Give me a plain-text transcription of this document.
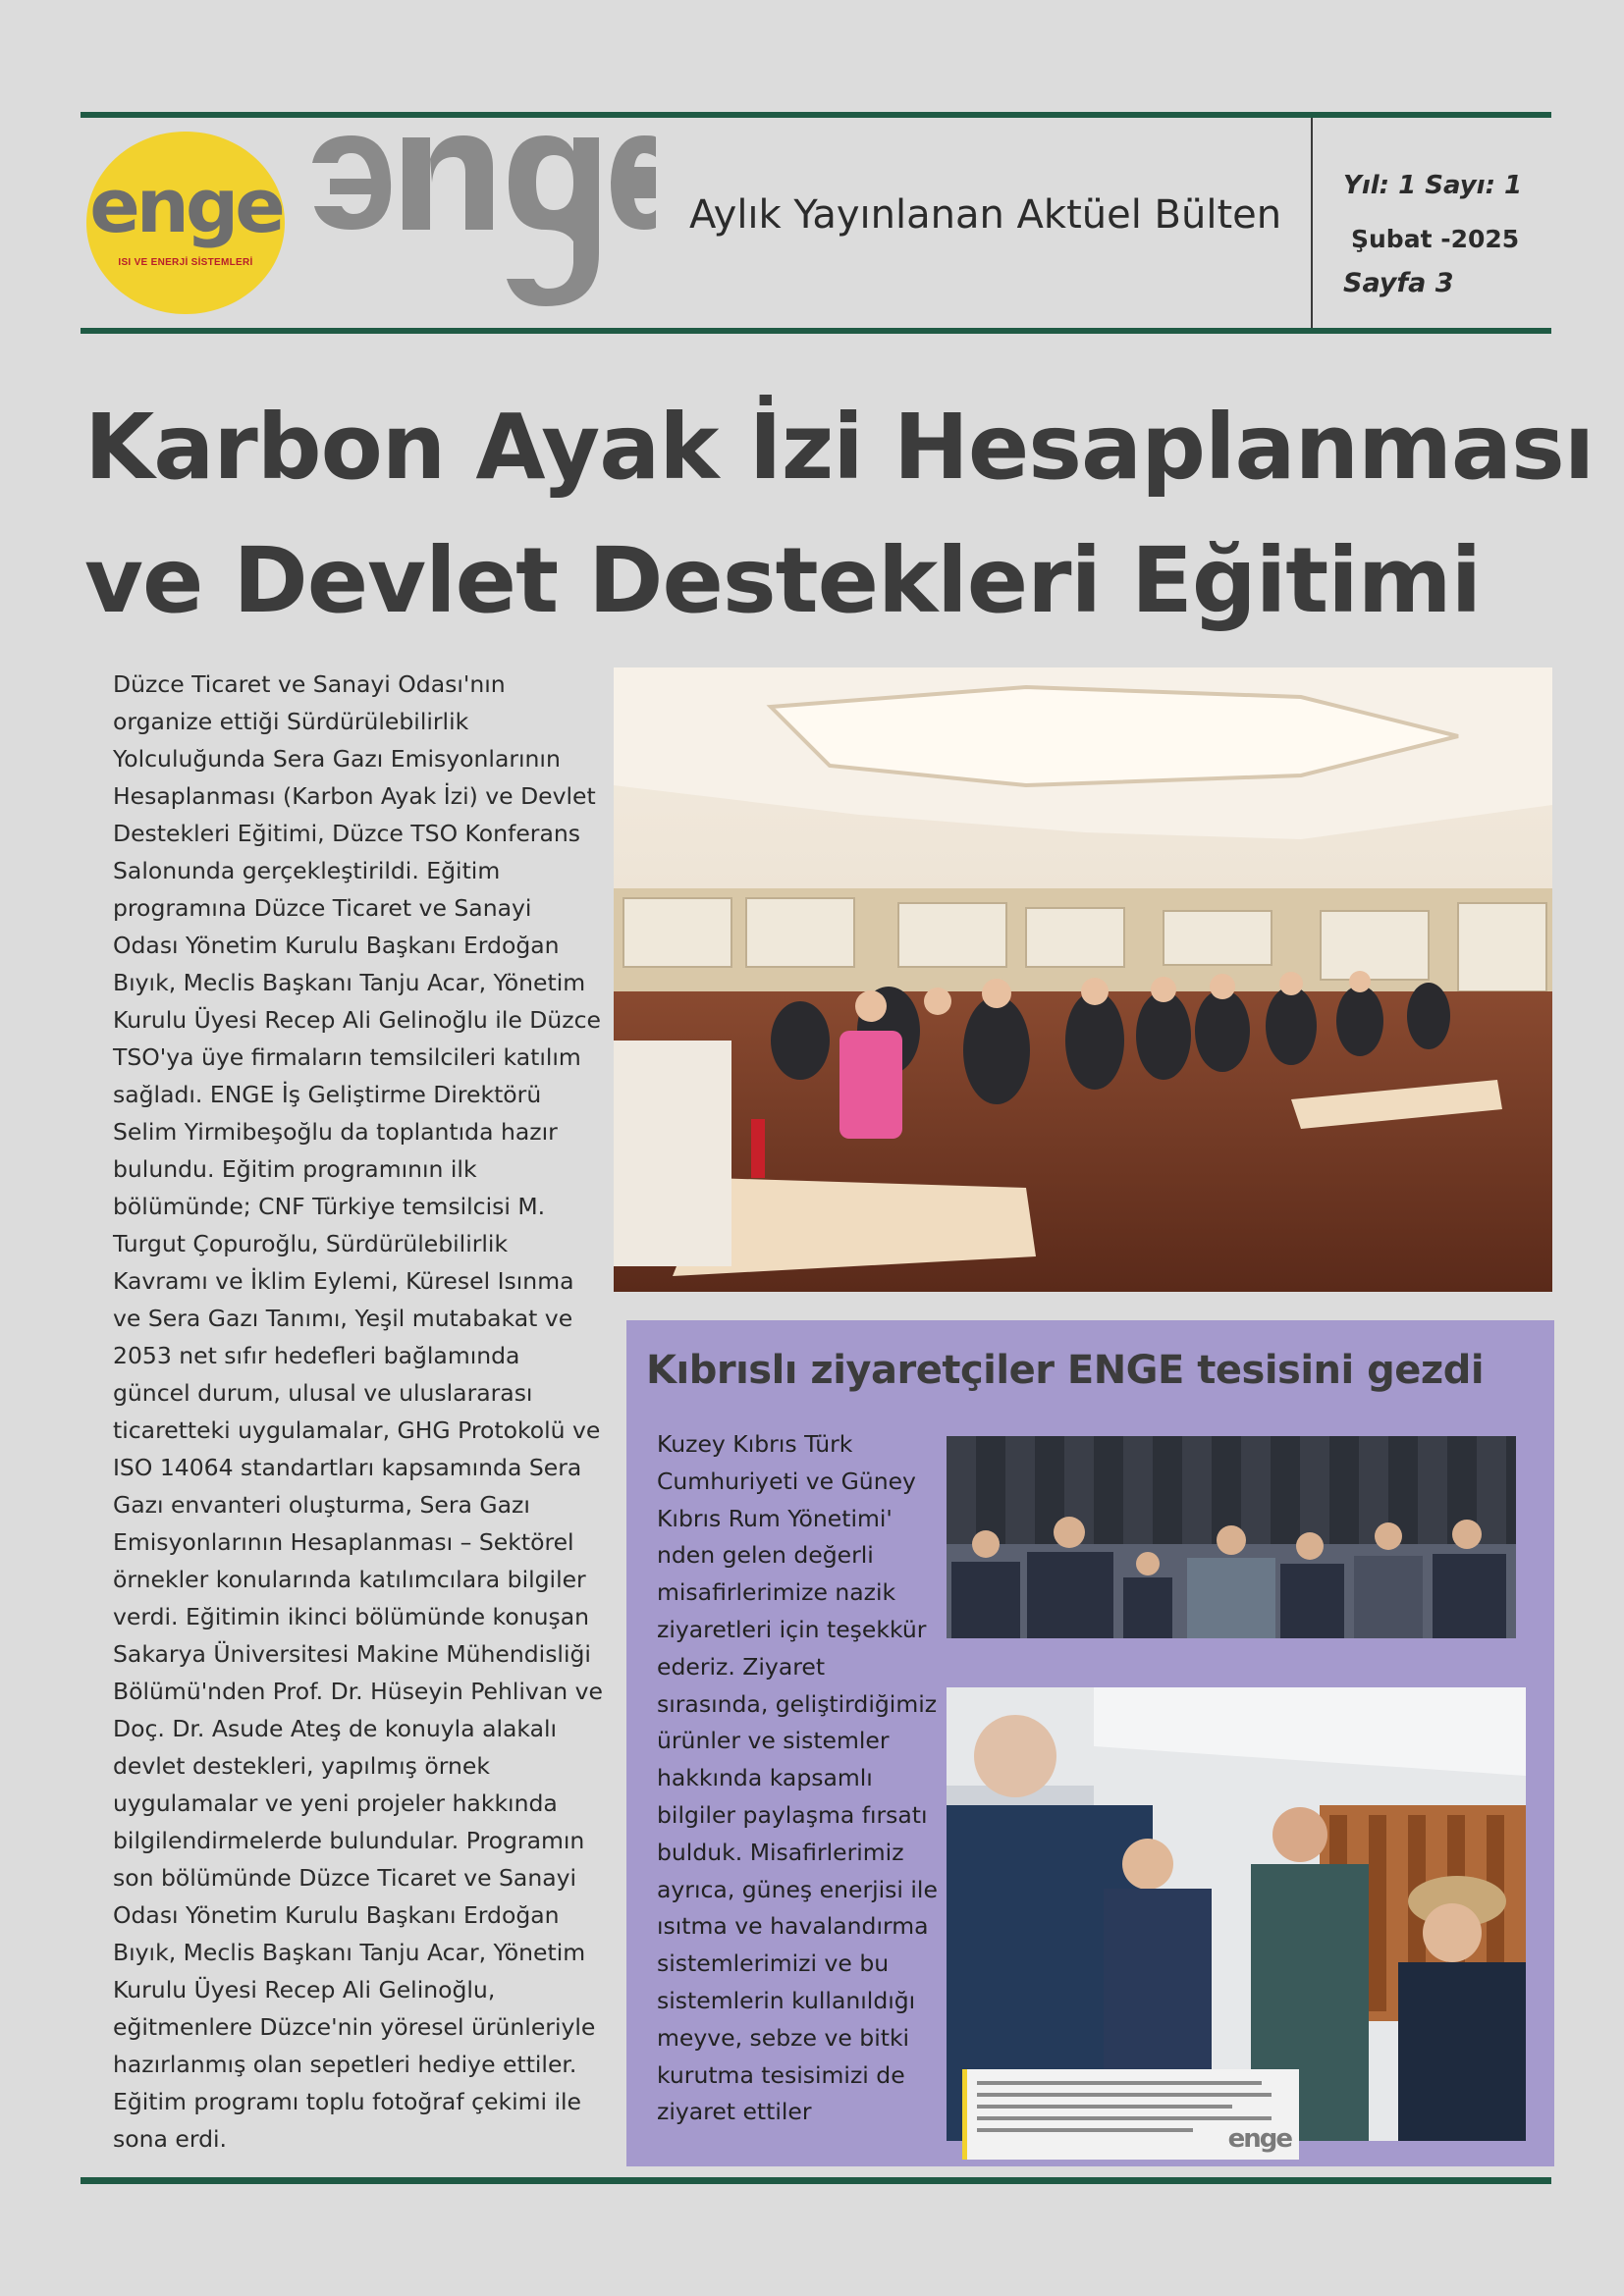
enge
ISI VE ENERJİ SİSTEMLERİ
Aylık Yayınlanan Aktüel Bülten
Yıl: 1 Sayı: 1
Şubat -2025
Sayfa 3
Karbon Ayak İzi Hesaplanması
ve Devlet Destekleri Eğitimi
Düzce Ticaret ve Sanayi Odası'nın organize ettiği Sürdürülebilirlik Yolculuğunda Sera Gazı Emisyonlarının Hesaplanması (Karbon Ayak İzi) ve Devlet Destekleri Eğitimi, Düzce TSO Konferans Salonunda gerçekleştirildi. Eğitim programına Düzce Ticaret ve Sanayi Odası Yönetim Kurulu Başkanı Erdoğan Bıyık, Meclis Başkanı Tanju Acar, Yönetim Kurulu Üyesi Recep Ali Gelinoğlu ile Düzce TSO'ya üye firmaların temsilcileri katılım sağladı. ENGE İş Geliştirme Direktörü Selim Yirmibeşoğlu da toplantıda hazır bulundu. Eğitim programının ilk bölümünde; CNF Türkiye temsilcisi M. Turgut Çopuroğlu, Sürdürülebilirlik Kavramı ve İklim Eylemi, Küresel Isınma ve Sera Gazı Tanımı, Yeşil mutabakat ve 2053 net sıfır hedefleri bağlamında güncel durum, ulusal ve uluslararası ticaretteki uygulamalar, GHG Protokolü ve ISO 14064 standartları kapsamında Sera Gazı envanteri oluşturma, Sera Gazı Emisyonlarının Hesaplanması – Sektörel örnekler konularında katılımcılara bilgiler verdi. Eğitimin ikinci bölümünde konuşan Sakarya Üniversitesi Makine Mühendisliği Bölümü'nden Prof. Dr. Hüseyin Pehlivan ve Doç. Dr. Asude Ateş de konuyla alakalı devlet destekleri, yapılmış örnek uygulamalar ve yeni projeler hakkında bilgilendirmelerde bulundular. Programın son bölümünde Düzce Ticaret ve Sanayi Odası Yönetim Kurulu Başkanı Erdoğan Bıyık, Meclis Başkanı Tanju Acar, Yönetim Kurulu Üyesi Recep Ali Gelinoğlu, eğitmenlere Düzce'nin yöresel ürünleriyle hazırlanmış olan sepetleri hediye ettiler. Eğitim programı toplu fotoğraf çekimi ile sona erdi.
Kıbrıslı ziyaretçiler ENGE tesisini gezdi
Kuzey Kıbrıs Türk Cumhuriyeti ve Güney Kıbrıs Rum Yönetimi' nden gelen değerli misafirlerimize nazik ziyaretleri için teşekkür ederiz. Ziyaret sırasında, geliştirdiğimiz ürünler ve sistemler hakkında kapsamlı bilgiler paylaşma fırsatı bulduk. Misafirlerimiz ayrıca, güneş enerjisi ile ısıtma ve havalandırma sistemlerimizi ve bu sistemlerin kullanıldığı meyve, sebze ve bitki kurutma tesisimizi de ziyaret ettiler
enge
